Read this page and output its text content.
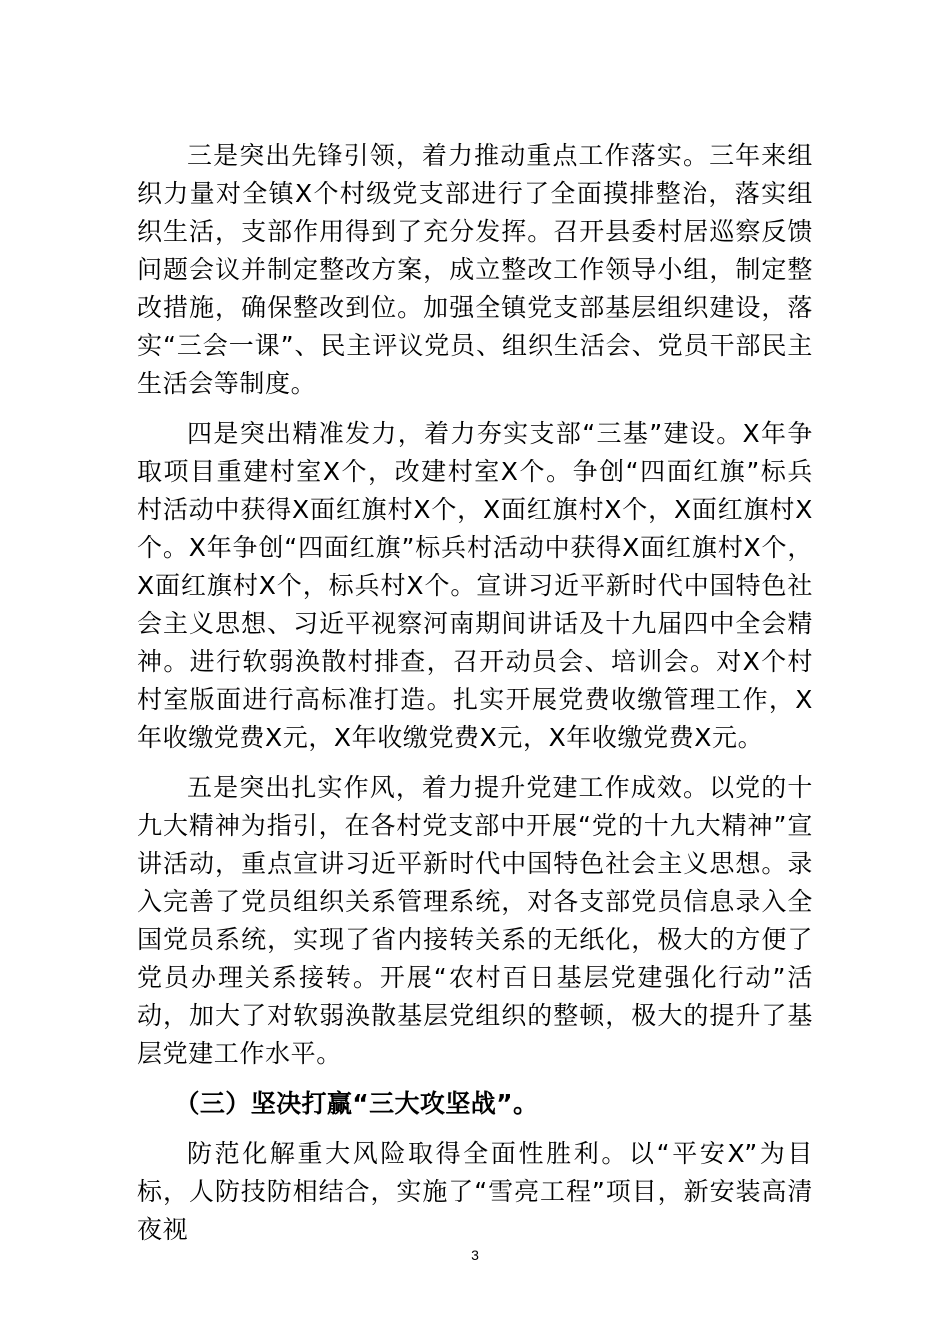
三是突出先锋引领，着力推动重点工作落实。三年来组织力量对全镇X个村级党支部进行了全面摸排整治，落实组织生活，支部作用得到了充分发挥。召开县委村居巡察反馈问题会议并制定整改方案，成立整改工作领导小组，制定整改措施，确保整改到位。加强全镇党支部基层组织建设，落实“三会一课”、民主评议党员、组织生活会、党员干部民主生活会等制度。

四是突出精准发力，着力夯实支部“三基”建设。X年争取项目重建村室X个，改建村室X个。争创“四面红旗”标兵村活动中获得X面红旗村X个，X面红旗村X个，X面红旗村X个。X年争创“四面红旗”标兵村活动中获得X面红旗村X个，X面红旗村X个，标兵村X个。宣讲习近平新时代中国特色社会主义思想、习近平视察河南期间讲话及十九届四中全会精神。进行软弱涣散村排查，召开动员会、培训会。对X个村村室版面进行高标准打造。扎实开展党费收缴管理工作，X年收缴党费X元，X年收缴党费X元，X年收缴党费X元。

五是突出扎实作风，着力提升党建工作成效。以党的十九大精神为指引，在各村党支部中开展“党的十九大精神”宣讲活动，重点宣讲习近平新时代中国特色社会主义思想。录入完善了党员组织关系管理系统，对各支部党员信息录入全国党员系统，实现了省内接转关系的无纸化，极大的方便了党员办理关系接转。开展“农村百日基层党建强化行动”活动，加大了对软弱涣散基层党组织的整顿，极大的提升了基层党建工作水平。

（三）坚决打赢“三大攻坚战”。

防范化解重大风险取得全面性胜利。以“平安X”为目标，人防技防相结合，实施了“雪亮工程”项目，新安装高清夜视

3
